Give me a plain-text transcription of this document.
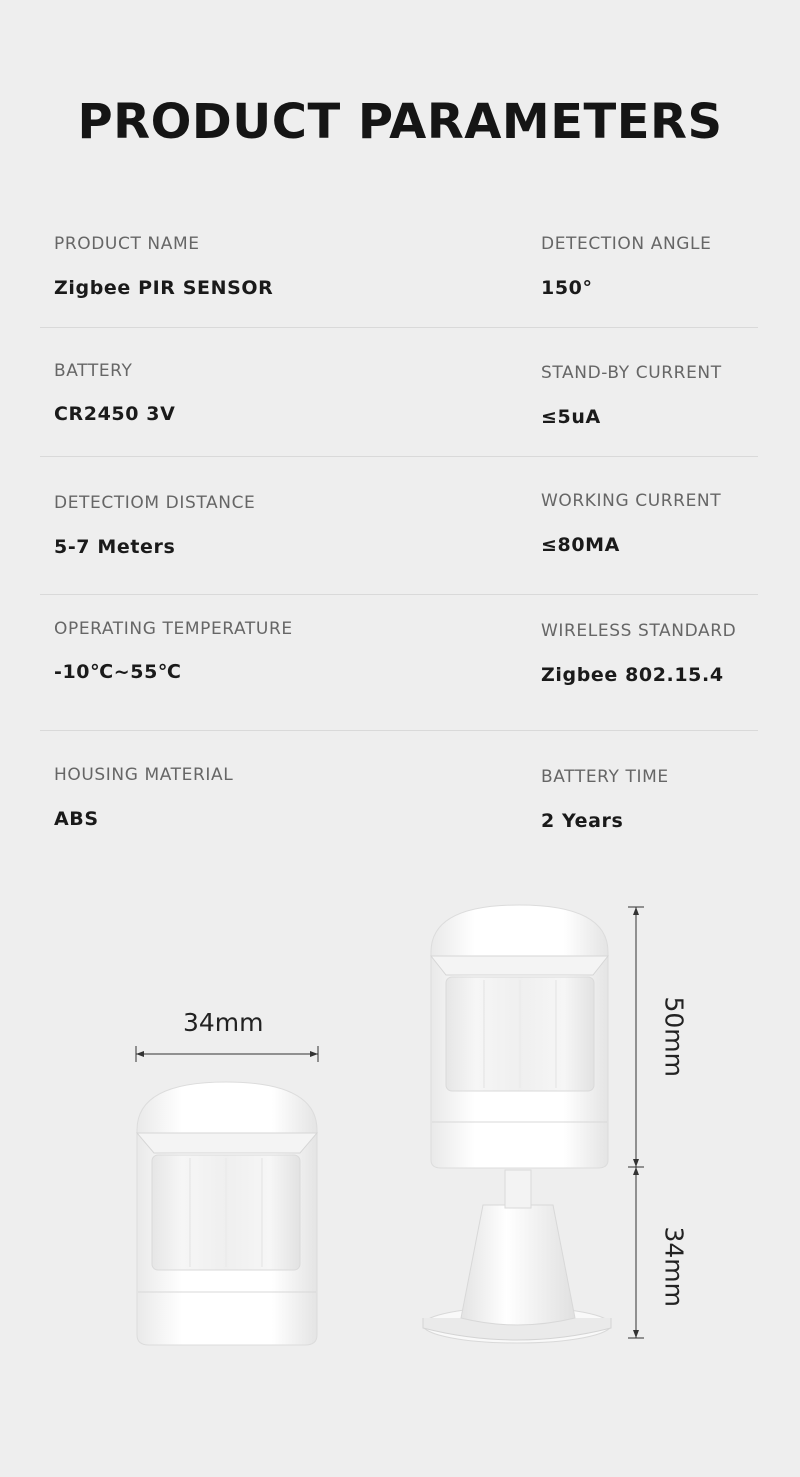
PRODUCT PARAMETERS
PRODUCT NAME
Zigbee PIR SENSOR
DETECTION ANGLE
150°
BATTERY
CR2450 3V
STAND-BY CURRENT
≤5uA
DETECTIOM DISTANCE
5-7 Meters
WORKING CURRENT
≤80MA
OPERATING TEMPERATURE
-10℃~55℃
WIRELESS STANDARD
Zigbee 802.15.4
HOUSING MATERIAL
ABS
BATTERY TIME
2 Years
34mm	50mm
34mm
